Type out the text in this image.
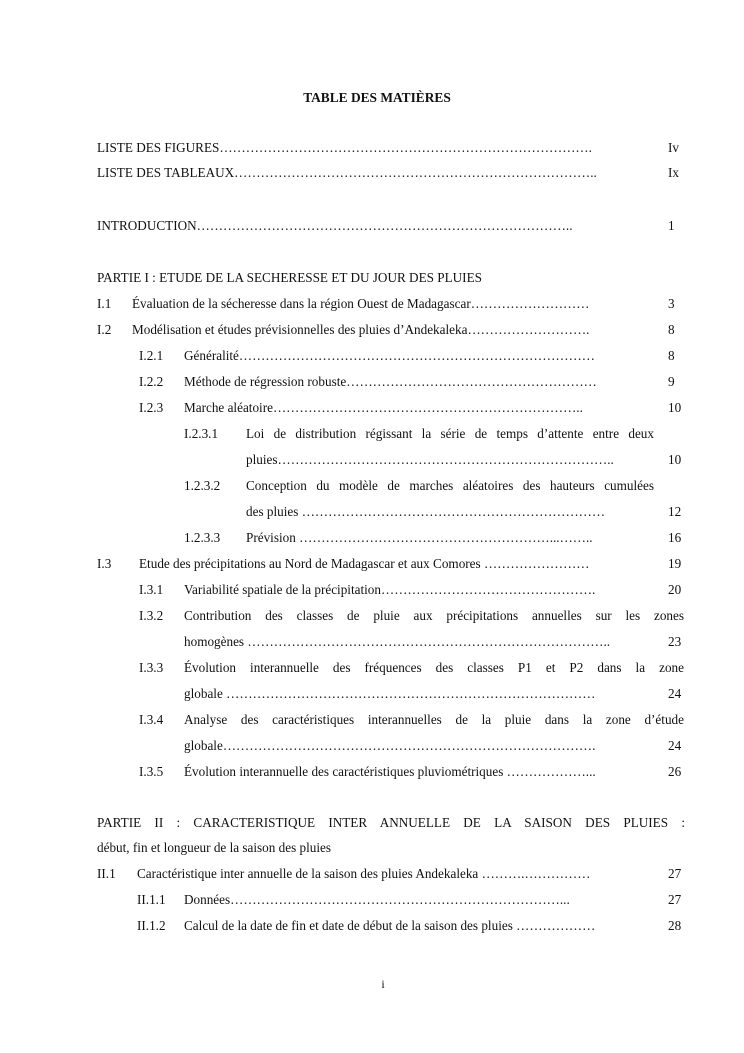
TABLE DES MATIÈRES
LISTE DES FIGURES………………………………………………………………………….	Iv
LISTE DES TABLEAUX………………………………………………………………………..	Ix
INTRODUCTION…………………………………………………………………………..	1
PARTIE I : ETUDE DE LA SECHERESSE ET DU JOUR DES PLUIES
I.1 Évaluation de la sécheresse dans la région Ouest de Madagascar………………………	3
I.2 Modélisation et études prévisionnelles des pluies d’Andekaleka……………………….	8
I.2.1 Généralité………………………………………………………………………	8
I.2.2 Méthode de régression robuste…………………………………………………	9
I.2.3 Marche aléatoire……………………………………………………………..	10
I.2.3.1 Loi de distribution régissant la série de temps d’attente entre deux
pluies…………………………………………………………………..	10
1.2.3.2 Conception du modèle de marches aléatoires des hauteurs cumulées
des pluies ……………………………………………………………	12
1.2.3.3 Prévision …………………………………………………...……..	16
I.3 Etude des précipitations au Nord de Madagascar et aux Comores ……………………	19
I.3.1 Variabilité spatiale de la précipitation………………………………………….	20
I.3.2 Contribution des classes de pluie aux précipitations annuelles sur les zones
homogènes ………………………………………………………………………..	23
I.3.3 Évolution interannuelle des fréquences des classes P1 et P2 dans la zone
globale …………………………………………………………………………	24
I.3.4 Analyse des caractéristiques interannuelles de la pluie dans la zone d’étude
globale………………………………………………………………………….	24
I.3.5 Évolution interannuelle des caractéristiques pluviométriques ………………...	26
PARTIE II : CARACTERISTIQUE INTER ANNUELLE DE LA SAISON DES PLUIES :
début, fin et longueur de la saison des pluies
II.1 Caractéristique inter annuelle de la saison des pluies Andekaleka ……….……………	27
II.1.1 Données…………………………………………………………………...	27
II.1.2 Calcul de la date de fin et date de début de la saison des pluies ………………	28
i
